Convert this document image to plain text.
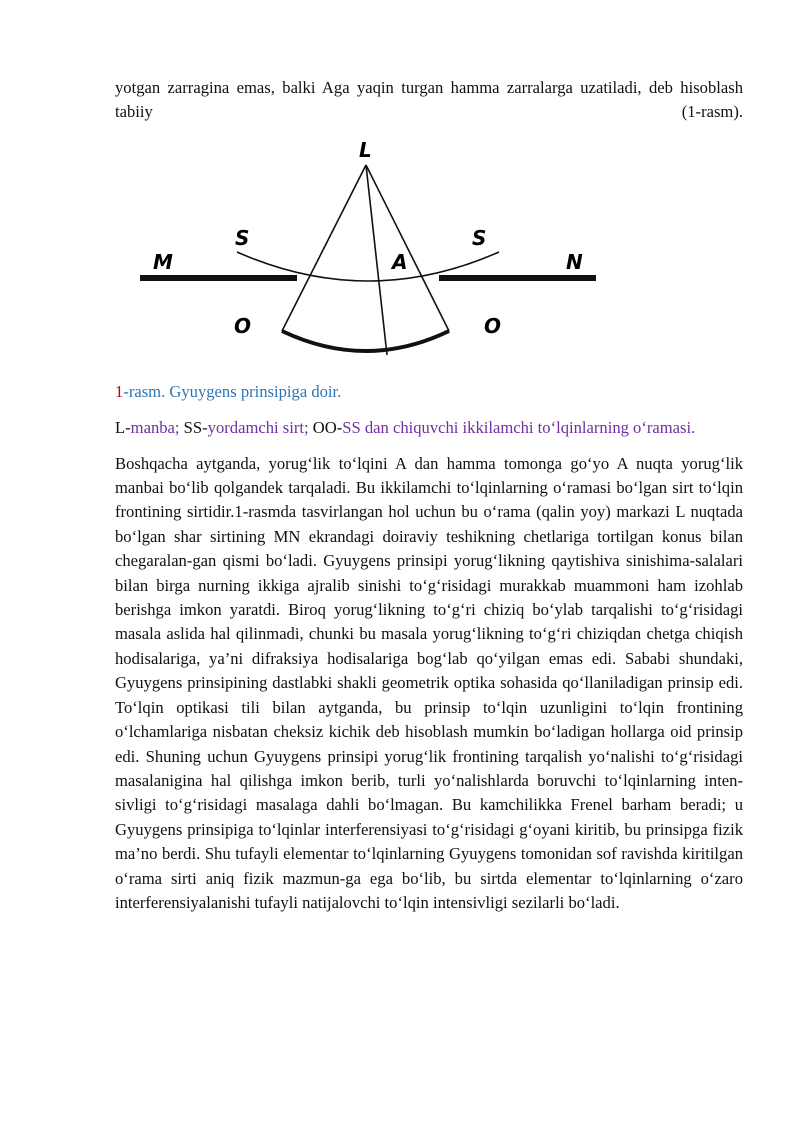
yotgan zarragina emas, balki Aga yaqin turgan hamma zarralarga uzatiladi, deb hisoblash tabiiy (1-rasm).

L
S	S
A
M	N
O	O

1-rasm. Gyuygens prinsipiga doir.

L-manba; SS-yordamchi sirt; OO-SS dan chiquvchi ikkilamchi to‘lqinlarning o‘ramasi.

Boshqacha aytganda, yorug‘lik to‘lqini A dan hamma tomonga go‘yo A nuqta yorug‘lik manbai bo‘lib qolgandek tarqaladi. Bu ikkilamchi to‘lqinlarning o‘ramasi bo‘lgan sirt to‘lqin frontining sirtidir.1-rasmda tasvirlangan hol uchun bu o‘rama (qalin yoy) markazi L nuqtada bo‘lgan shar sirtining MN ekrandagi doiraviy teshikning chetlariga tortilgan konus bilan chegaralan-gan qismi bo‘ladi. Gyuygens prinsipi yorug‘likning qaytishiva sinishima-salalari bilan birga nurning ikkiga ajralib sinishi to‘g‘risidagi murakkab muammoni ham izohlab berishga imkon yaratdi. Biroq yorug‘likning to‘g‘ri chiziq bo‘ylab tarqalishi to‘g‘risidagi masala aslida hal qilinmadi, chunki bu masala yorug‘likning to‘g‘ri chiziqdan chetga chiqish hodisalariga, ya’ni difraksiya hodisalariga bog‘lab qo‘yilgan emas edi. Sababi shundaki, Gyuygens prinsipining dastlabki shakli geometrik optika sohasida qo‘llaniladigan prinsip edi. To‘lqin optikasi tili bilan aytganda, bu prinsip to‘lqin uzunligini to‘lqin frontining o‘lchamlariga nisbatan cheksiz kichik deb hisoblash mumkin bo‘ladigan hollarga oid prinsip edi. Shuning uchun Gyuygens prinsipi yorug‘lik frontining tarqalish yo‘nalishi to‘g‘risidagi masalanigina hal qilishga imkon berib, turli yo‘nalishlarda boruvchi to‘lqinlarning inten-sivligi to‘g‘risidagi masalaga dahli bo‘lmagan. Bu kamchilikka Frenel barham beradi; u Gyuygens prinsipiga to‘lqinlar interferensiyasi to‘g‘risidagi g‘oyani kiritib, bu prinsipga fizik ma’no berdi. Shu tufayli elementar to‘lqinlarning Gyuygens tomonidan sof ravishda kiritilgan o‘rama sirti aniq fizik mazmun-ga ega bo‘lib, bu sirtda elementar to‘lqinlarning o‘zaro interferensiyalanishi tufayli natijalovchi to‘lqin intensivligi sezilarli bo‘ladi.
